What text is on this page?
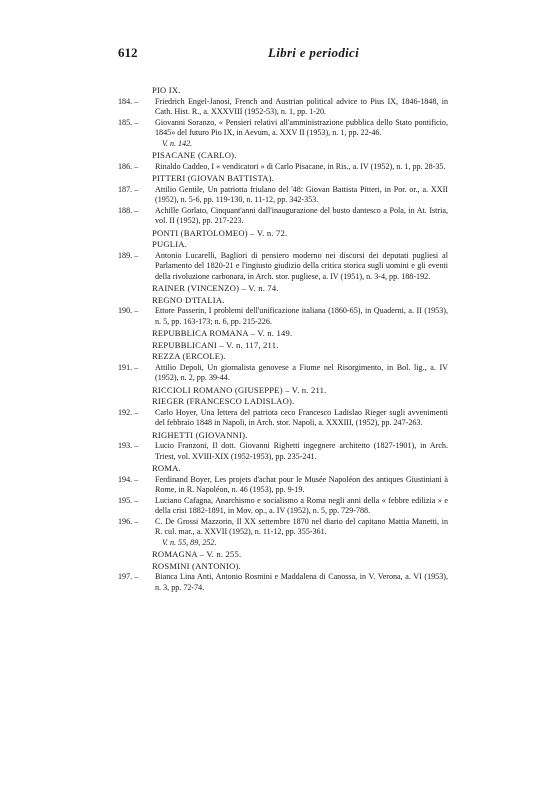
612	Libri e periodici
PIO IX.
184. – Friedrich Engel-Janosi, French and Austrian political advice to Pius IX, 1846-1848, in Cath. Hist. R., a. XXXVIII (1952-53), n. 1, pp. 1-20.
185. – Giovanni Soranzo, « Pensieri relativi all'amministrazione pubblica dello Stato pontificio, 1845» del futuro Pio IX, in Aevum, a. XXV II (1953), n. 1, pp. 22-46.
V. n. 142.
PISACANE (CARLO).
186. – Rinaldo Caddeo, I « vendicatori » di Carlo Pisacane, in Ris., a. IV (1952), n. 1, pp. 28-35.
PITTERI (GIOVAN BATTISTA).
187. – Attilio Gentile, Un patriotta friulano del '48: Giovan Battista Pitteri, in Por. or., a. XXII (1952), n. 5-6, pp. 119-130, n. 11-12, pp. 342-353.
188. – Achille Gorlato, Cinquant'anni dall'inaugurazione del busto dantesco a Pola, in At. Istria, vol. II (1952), pp. 217-223.
PONTI (BARTOLOMEO) – V. n. 72.
PUGLIA.
189. – Antonio Lucarelli, Bagliori di pensiero moderno nei discorsi dei deputati pugliesi al Parlamento del 1820-21 e l'ingiusto giudizio della critica storica sugli uomini e gli eventi della rivoluzione carbonara, in Arch. stor. pugliese, a. IV (1951), n. 3-4, pp. 188-192.
RAINER (VINCENZO) – V. n. 74.
REGNO D'ITALIA.
190. – Ettore Passerin, I problemi dell'unificazione italiana (1860-65), in Quaderni, a. II (1953), n. 5, pp. 163-173; n. 6, pp. 215-226.
REPUBBLICA ROMANA – V. n. 149.
REPUBBLICANI – V. n. 117, 211.
REZZA (ERCOLE).
191. – Attilio Depoli, Un giornalista genovese a Fiume nel Risorgimento, in Bol. lig., a. IV (1952), n. 2, pp. 39-44.
RICCIOLI ROMANO (GIUSEPPE) – V. n. 211.
RIEGER (FRANCESCO LADISLAO).
192. – Carlo Hoyer, Una lettera del patriota ceco Francesco Ladislao Rieger sugli avvenimenti del febbraio 1848 in Napoli, in Arch. stor. Napoli, a. XXXIII, (1952), pp. 247-263.
RIGHETTI (GIOVANNI).
193. – Lucio Franzoni, Il dott. Giovanni Righetti ingegnere architetto (1827-1901), in Arch. Triest, vol. XVIII-XIX (1952-1953), pp. 235-241.
ROMA.
194. – Ferdinand Boyer, Les projets d'achat pour le Musée Napoléon des antiques Giustiniani à Rome, in R. Napoléon, n. 46 (1953), pp. 9-19.
195. – Luciano Cafagna, Anarchismo e socialismo a Roma negli anni della « febbre edilizia » e della crisi 1882-1891, in Mov. op., a. IV (1952), n. 5, pp. 729-788.
196. – C. De Grossi Mazzorin, Il XX settembre 1870 nel diario del capitano Mattia Manetti, in R. cul. mar., a. XXVII (1952), n. 11-12, pp. 355-361.
V. n. 55, 89, 252.
ROMAGNA – V. n. 255.
ROSMINI (ANTONIO).
197. – Bianca Lina Anti, Antonio Rosmini e Maddalena di Canossa, in V. Verona, a. VI (1953), n. 3, pp. 72-74.
